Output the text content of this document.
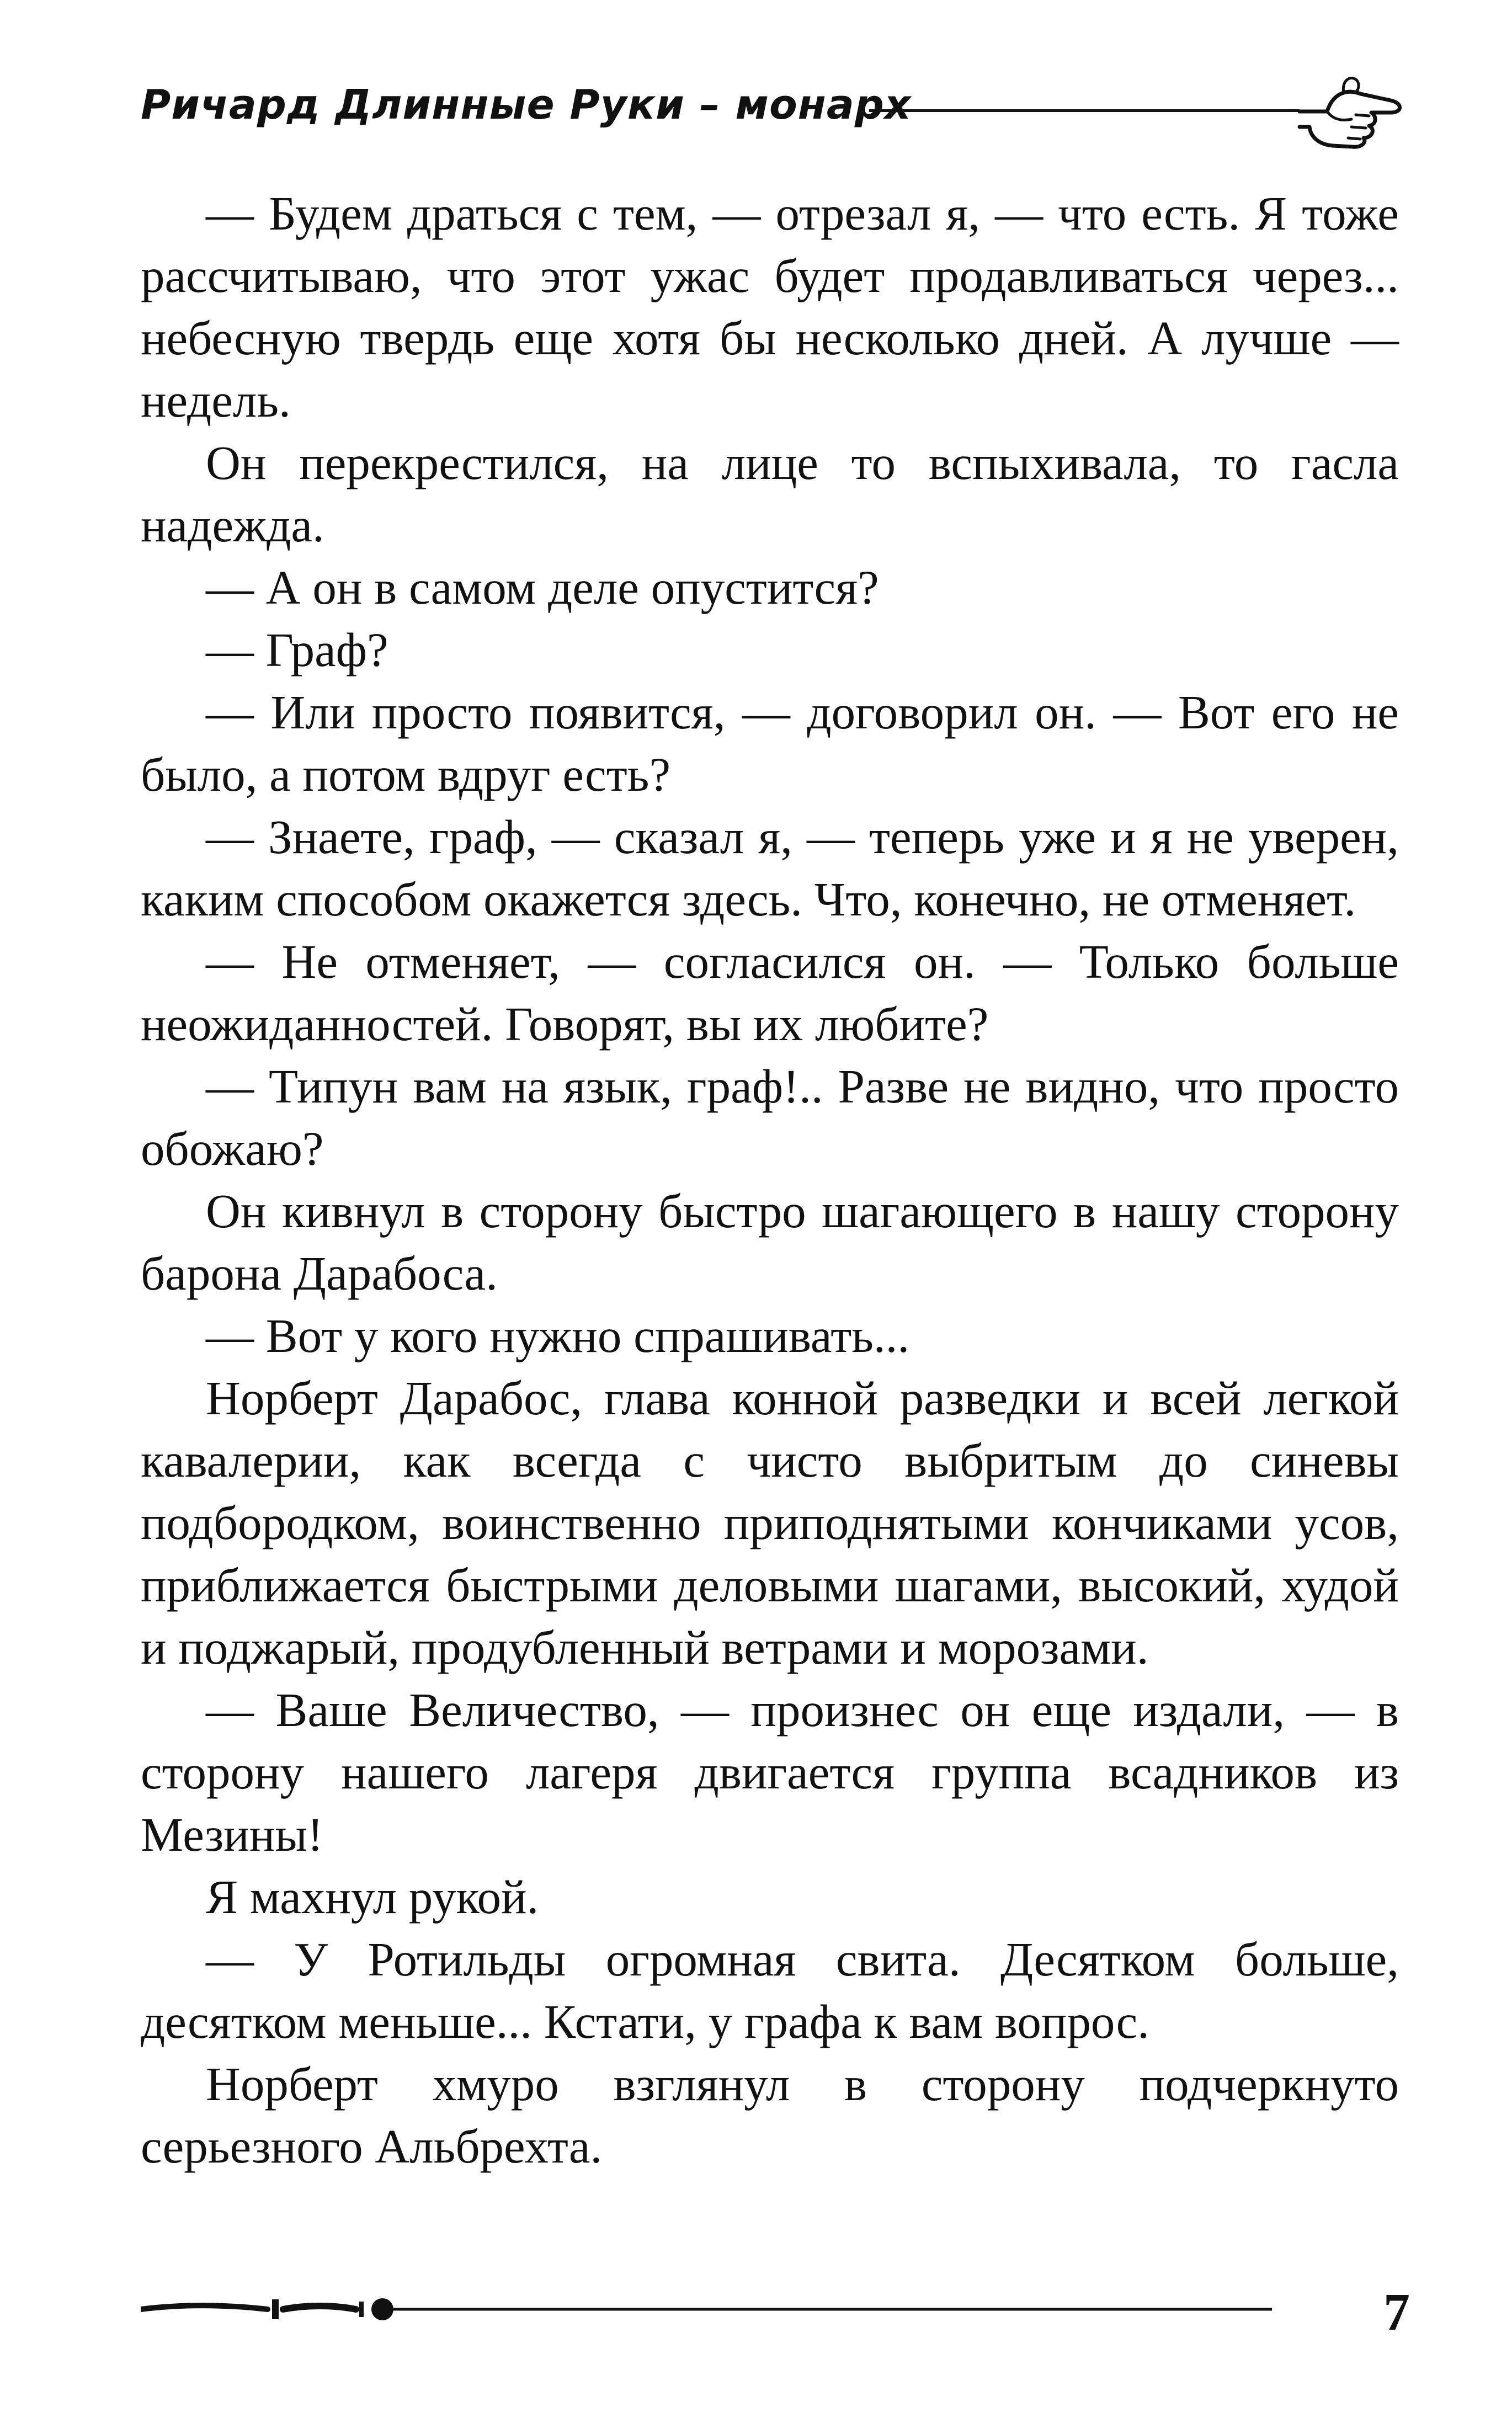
Ричард Длинные Руки – монарх

— Будем драться с тем, — отрезал я, — что есть. Я тоже рассчитываю, что этот ужас будет продавливаться через... небесную твердь еще хотя бы несколько дней. А лучше — недель.

Он перекрестился, на лице то вспыхивала, то гасла надежда.

— А он в самом деле опустится?

— Граф?

— Или просто появится, — договорил он. — Вот его не было, а потом вдруг есть?

— Знаете, граф, — сказал я, — теперь уже и я не уверен, каким способом окажется здесь. Что, конечно, не отменяет.

— Не отменяет, — согласился он. — Только больше неожиданностей. Говорят, вы их любите?

— Типун вам на язык, граф!.. Разве не видно, что просто обожаю?

Он кивнул в сторону быстро шагающего в нашу сторону барона Дарабоса.

— Вот у кого нужно спрашивать...

Норберт Дарабос, глава конной разведки и всей легкой кавалерии, как всегда с чисто выбритым до синевы подбородком, воинственно приподнятыми кончиками усов, приближается быстрыми деловыми шагами, высокий, худой и поджарый, продубленный ветрами и морозами.

— Ваше Величество, — произнес он еще издали, — в сторону нашего лагеря двигается группа всадников из Мезины!

Я махнул рукой.

— У Ротильды огромная свита. Десятком больше, десятком меньше... Кстати, у графа к вам вопрос.

Норберт хмуро взглянул в сторону подчеркнуто серьезного Альбрехта.

7
